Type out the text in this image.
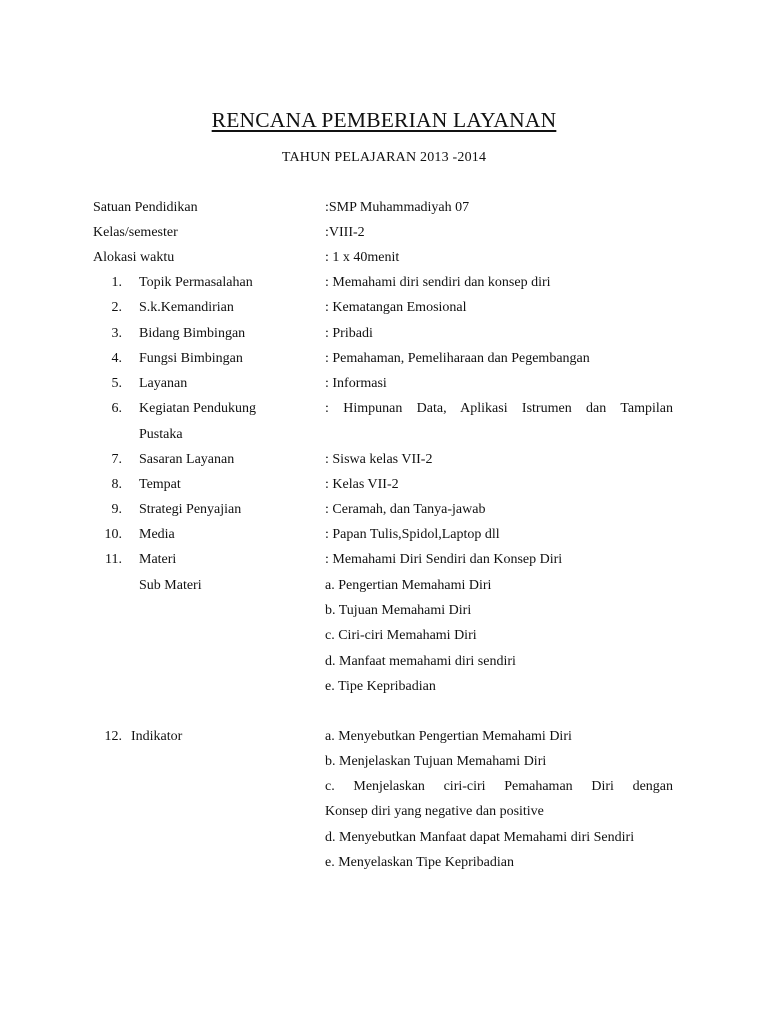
RENCANA PEMBERIAN LAYANAN
TAHUN PELAJARAN 2013 -2014
Satuan Pendidikan	:SMP Muhammadiyah 07
Kelas/semester	:VIII-2
Alokasi waktu	: 1 x 40menit
1. Topik Permasalahan	: Memahami diri sendiri dan konsep diri
2. S.k.Kemandirian	: Kematangan Emosional
3. Bidang Bimbingan	: Pribadi
4. Fungsi Bimbingan	: Pemahaman, Pemeliharaan dan Pegembangan
5. Layanan	: Informasi
6. Kegiatan Pendukung	: Himpunan Data, Aplikasi Istrumen dan Tampilan
Pustaka
7. Sasaran Layanan	: Siswa kelas VII-2
8. Tempat	: Kelas VII-2
9. Strategi Penyajian	: Ceramah, dan Tanya-jawab
10. Media	: Papan Tulis,Spidol,Laptop dll
11. Materi	: Memahami Diri Sendiri dan Konsep Diri
Sub Materi	a. Pengertian Memahami Diri
b. Tujuan Memahami Diri
c. Ciri-ciri Memahami Diri
d. Manfaat memahami diri sendiri
e. Tipe Kepribadian
12. Indikator	a. Menyebutkan Pengertian Memahami Diri
b. Menjelaskan Tujuan Memahami Diri
c. Menjelaskan ciri-ciri Pemahaman Diri dengan
Konsep diri yang negative dan positive
d. Menyebutkan Manfaat dapat Memahami diri Sendiri
e. Menyelaskan Tipe Kepribadian
